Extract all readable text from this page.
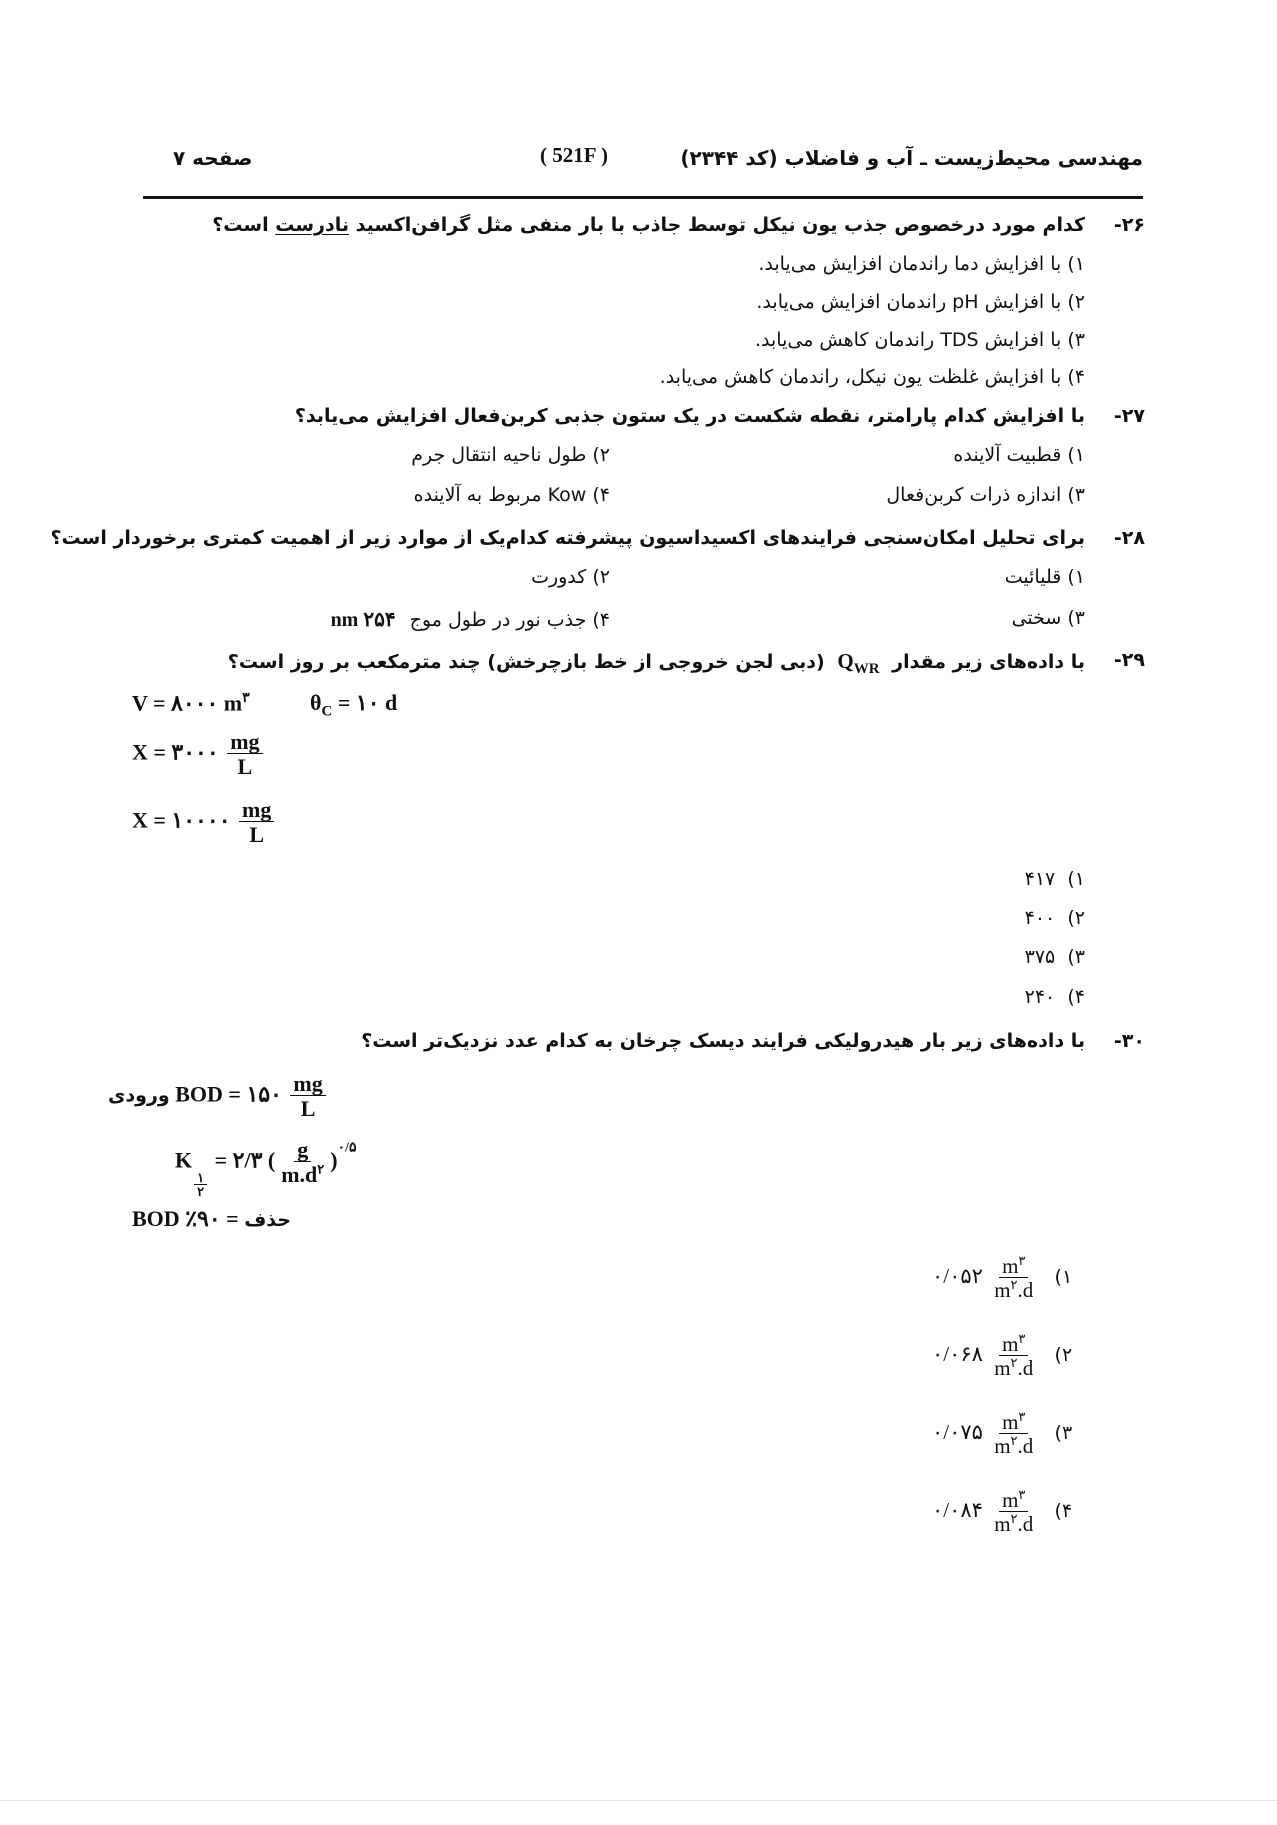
مهندسی محیط‌زیست ـ آب و فاضلاب (کد ۲۳۴۴)
( 521F )
صفحه ۷
۲۶-
کدام مورد درخصوص جذب یون نیکل توسط جاذب با بار منفی مثل گرافن‌اکسید نادرست است؟
۱) با افزایش دما راندمان افزایش می‌یابد.
۲) با افزایش pH راندمان افزایش می‌یابد.
۳) با افزایش TDS راندمان کاهش می‌یابد.
۴) با افزایش غلظت یون نیکل، راندمان کاهش می‌یابد.
۲۷-
با افزایش کدام پارامتر، نقطه شکست در یک ستون جذبی کربن‌فعال افزایش می‌یابد؟
۱) قطبیت آلاینده
۲) طول ناحیه انتقال جرم
۳) اندازه ذرات کربن‌فعال
۴) Kow مربوط به آلاینده
۲۸-
برای تحلیل امکان‌سنجی فرایندهای اکسیداسیون پیشرفته کدام‌یک از موارد زیر از اهمیت کمتری برخوردار است؟
۱) قلیائیت
۲) کدورت
۳) سختی
۴) جذب نور در طول موج ۲۵۴ nm
۲۹-
با داده‌های زیر مقدار $Q_{WR}$ (دبی لجن خروجی از خط بازچرخش) چند مترمکعب بر روز است؟
V = ۸۰۰۰ $m^۳$	$\theta_C$ = ۱۰ d
X = ۳۰۰۰ $\frac{mg}{L}$
X = ۱۰۰۰۰ $\frac{mg}{L}$
۱)  ۴۱۷
۲)  ۴۰۰
۳)  ۳۷۵
۴)  ۲۴۰
۳۰-
با داده‌های زیر بار هیدرولیکی فرایند دیسک چرخان به کدام عدد نزدیک‌تر است؟
ورودی BOD = ۱۵۰ $\frac{mg}{L}$
K
$\frac{۱}{۲}$
= ۲/۳ ( $\frac{g}{m.d^۲} )^{۰/۵}$
BOD	حذف = ٪۹۰
۰/۰۵۲ $\frac{m^۳}{m^۲.d}$ ۱)
۰/۰۶۸ $\frac{m^۳}{m^۲.d}$ ۲)
۰/۰۷۵ $\frac{m^۳}{m^۲.d}$ ۳)
۰/۰۸۴ $\frac{m^۳}{m^۲.d}$ ۴)
